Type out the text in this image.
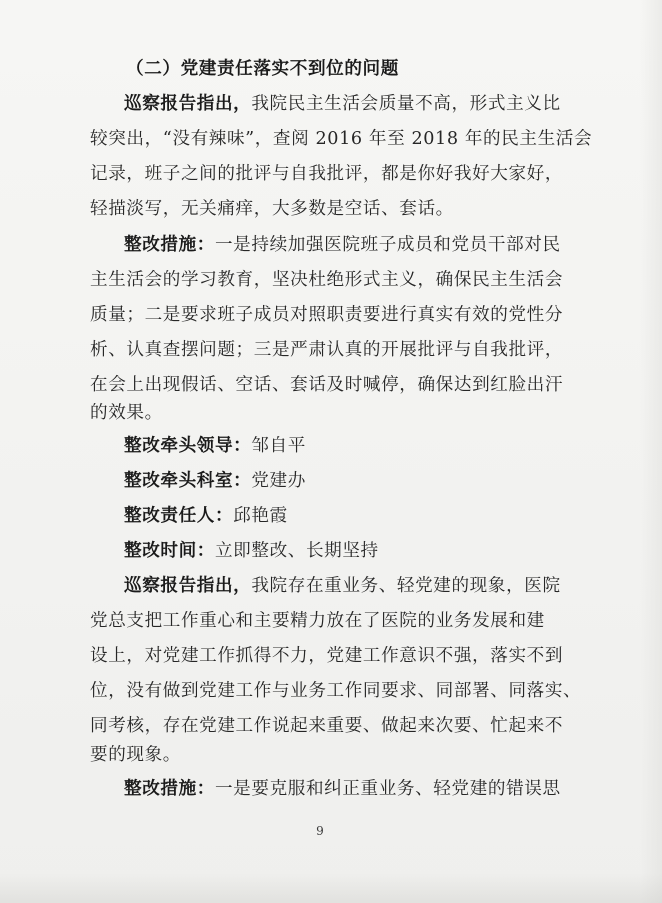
（二）党建责任落实不到位的问题
巡察报告指出，我院民主生活会质量不高，形式主义比
较突出，“没有辣味”，查阅 2016 年至 2018 年的民主生活会
记录，班子之间的批评与自我批评，都是你好我好大家好，
轻描淡写，无关痛痒，大多数是空话、套话。
整改措施：一是持续加强医院班子成员和党员干部对民
主生活会的学习教育，坚决杜绝形式主义，确保民主生活会
质量；二是要求班子成员对照职责要进行真实有效的党性分
析、认真查摆问题；三是严肃认真的开展批评与自我批评，
在会上出现假话、空话、套话及时喊停，确保达到红脸出汗
的效果。
整改牵头领导：邹自平
整改牵头科室：党建办
整改责任人：邱艳霞
整改时间：立即整改、长期坚持
巡察报告指出，我院存在重业务、轻党建的现象，医院
党总支把工作重心和主要精力放在了医院的业务发展和建
设上，对党建工作抓得不力，党建工作意识不强，落实不到
位，没有做到党建工作与业务工作同要求、同部署、同落实、
同考核，存在党建工作说起来重要、做起来次要、忙起来不
要的现象。
整改措施：一是要克服和纠正重业务、轻党建的错误思
9
